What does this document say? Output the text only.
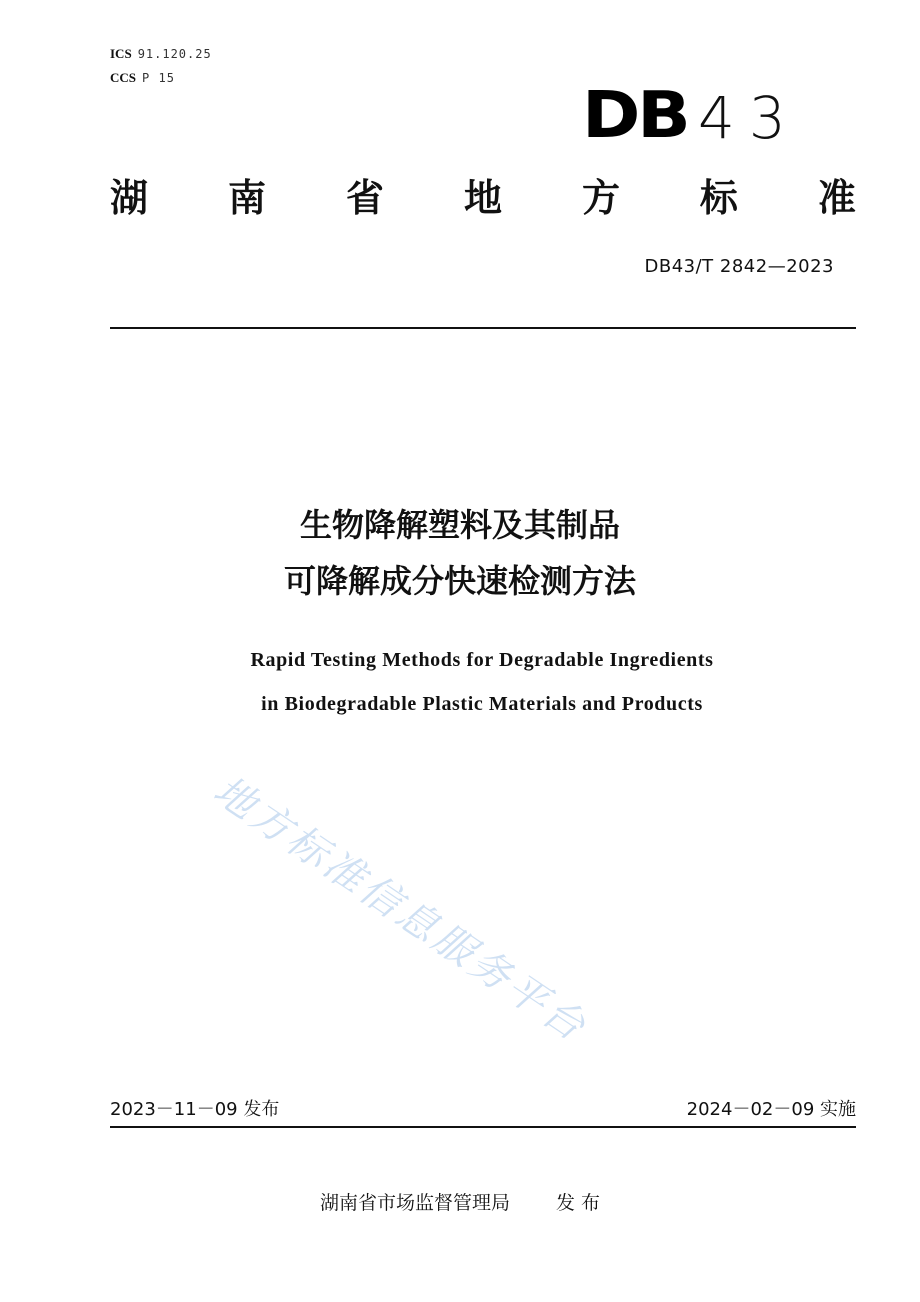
ICS 91.120.25
CCS P 15
DB 43
湖 南 省 地 方 标 准
DB43/T 2842—2023
生物降解塑料及其制品
可降解成分快速检测方法
Rapid Testing Methods for Degradable Ingredients
in Biodegradable Plastic Materials and Products
地方标准信息服务平台
2023－11－09 发布	2024－02－09 实施
湖南省市场监督管理局 发 布
